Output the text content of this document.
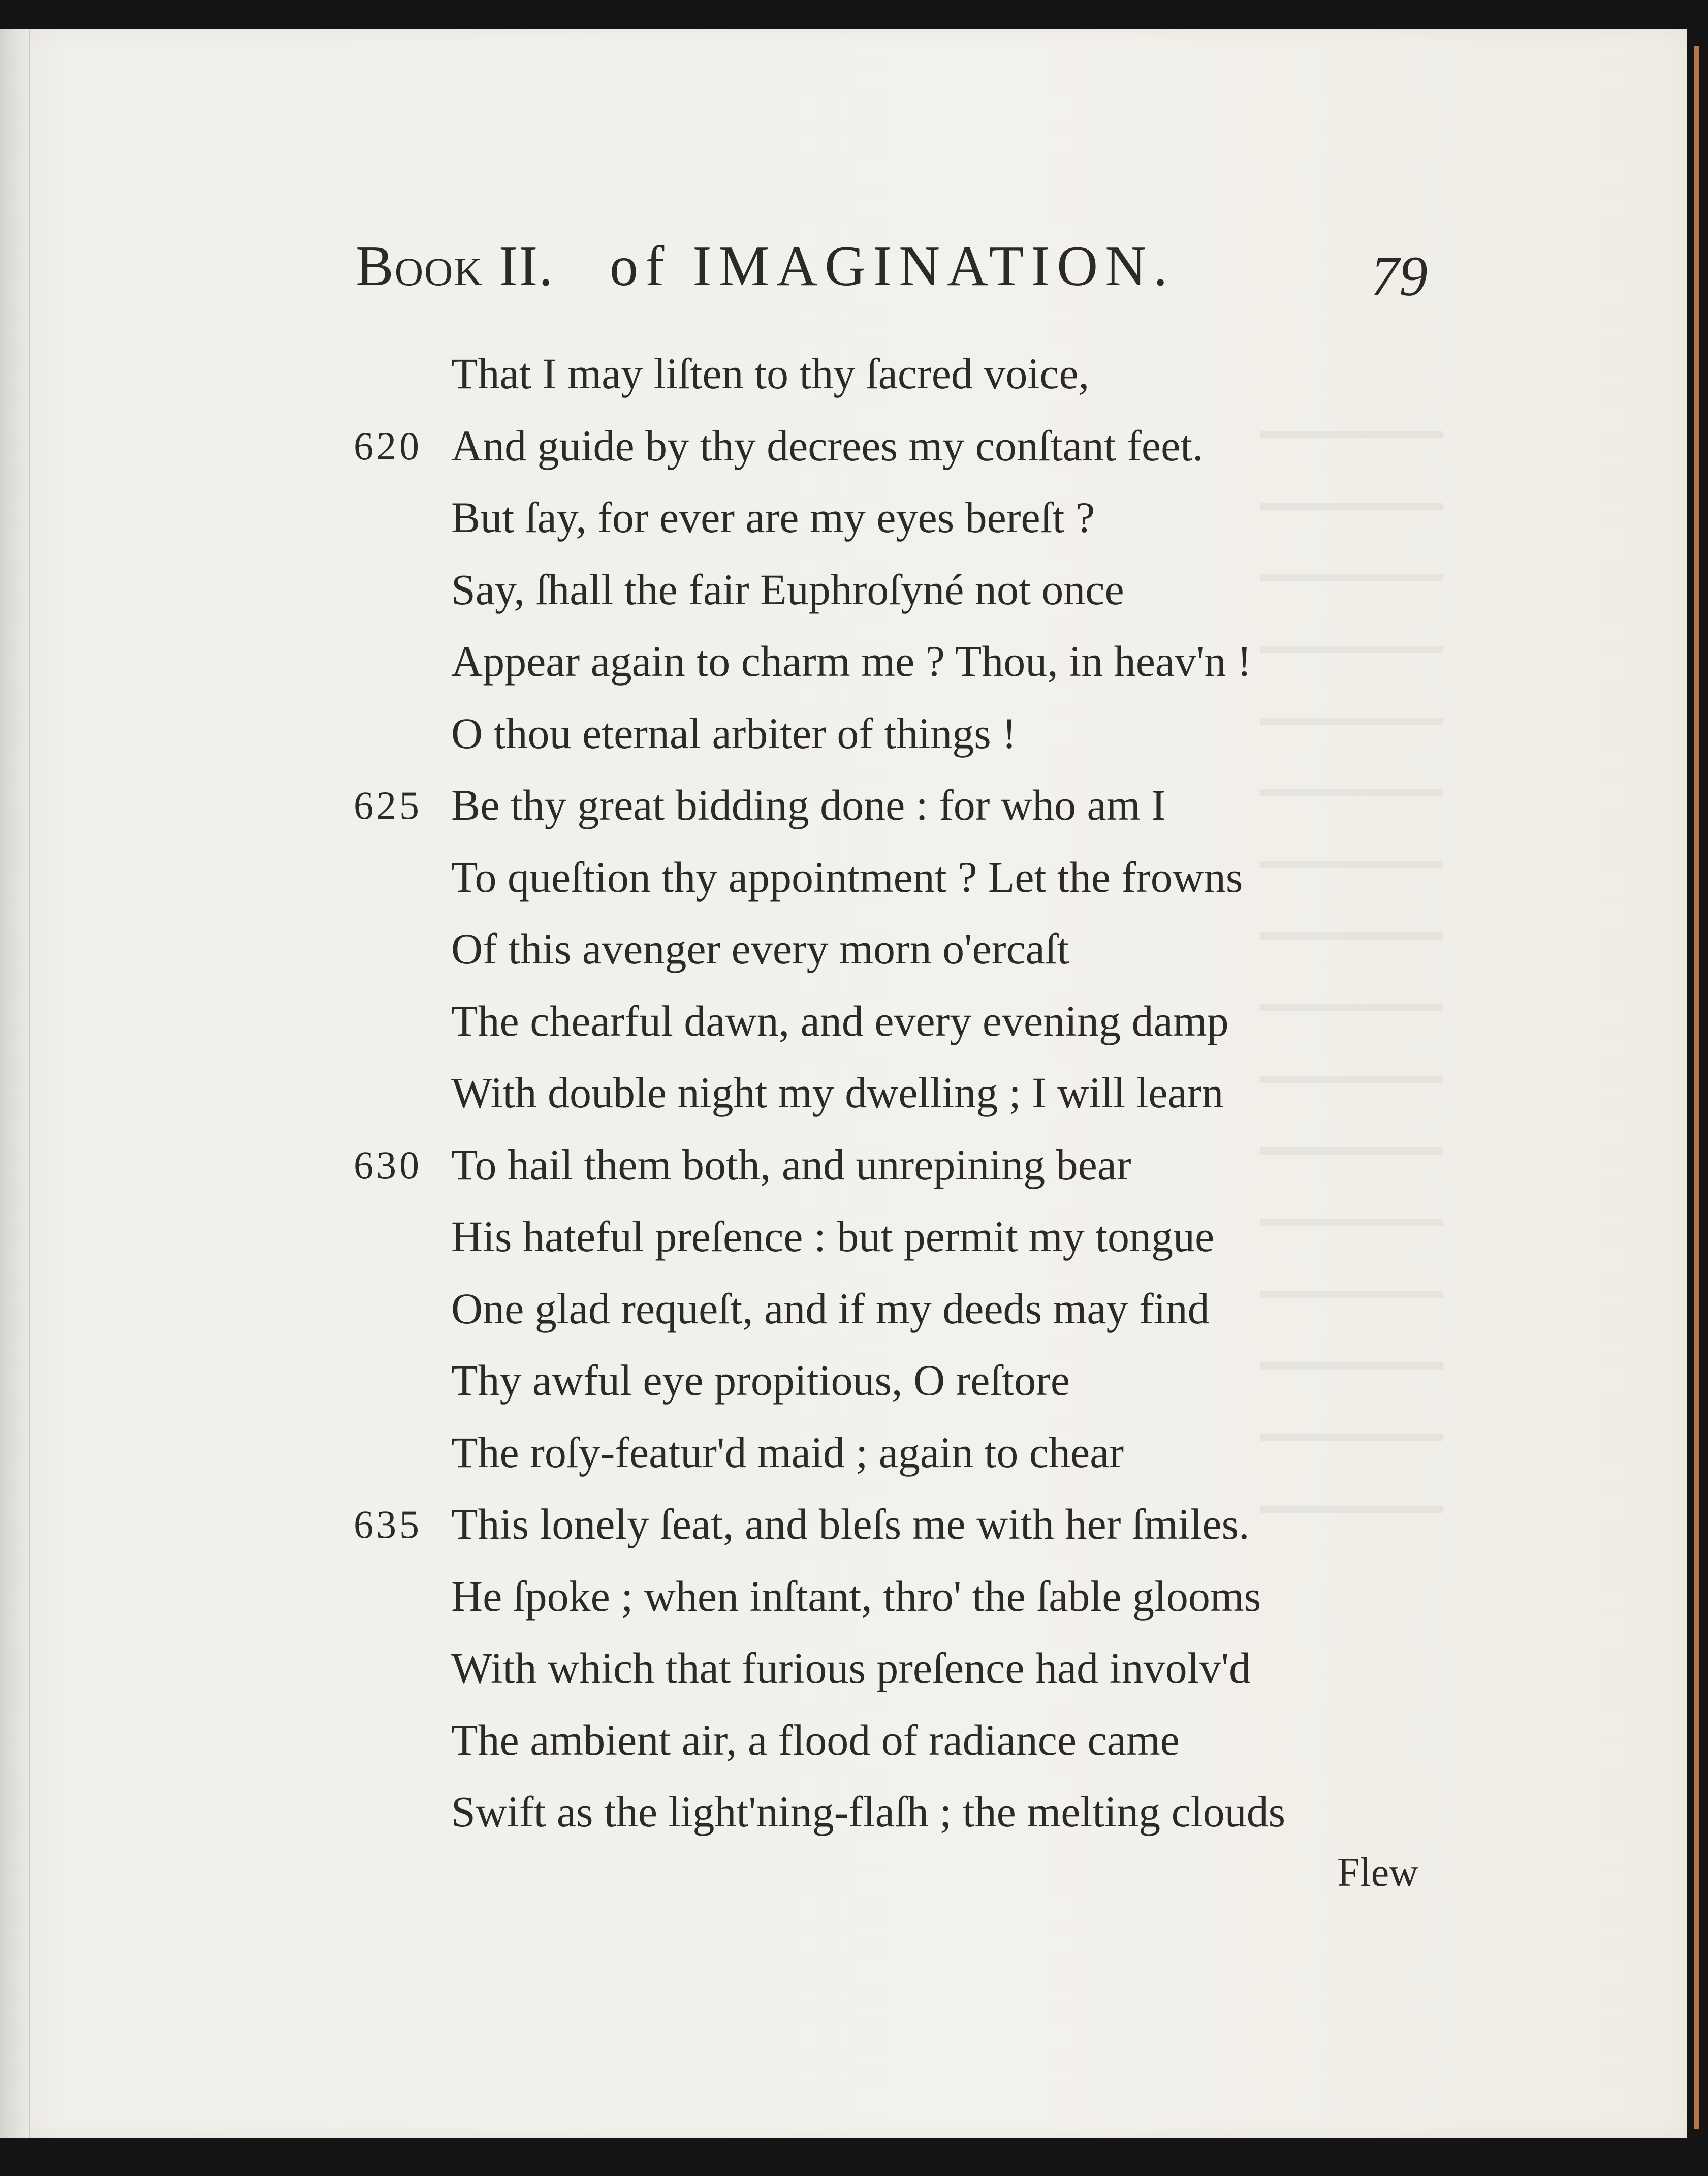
Book II. of IMAGINATION.	79
That I may liſten to thy ſacred voice,
620 And guide by thy decrees my conſtant feet.
But ſay, for ever are my eyes bereſt ?
Say, ſhall the fair Euphroſyné not once
Appear again to charm me ? Thou, in heav'n !
O thou eternal arbiter of things !
625 Be thy great bidding done : for who am I
To queſtion thy appointment ? Let the frowns
Of this avenger every morn o'ercaſt
The chearful dawn, and every evening damp
With double night my dwelling ; I will learn
630 To hail them both, and unrepining bear
His hateful preſence : but permit my tongue
One glad requeſt, and if my deeds may find
Thy awful eye propitious, O reſtore
The roſy-featur'd maid ; again to chear
635 This lonely ſeat, and bleſs me with her ſmiles.
He ſpoke ; when inſtant, thro' the ſable glooms
With which that furious preſence had involv'd
The ambient air, a flood of radiance came
Swift as the light'ning-flaſh ; the melting clouds
Flew
